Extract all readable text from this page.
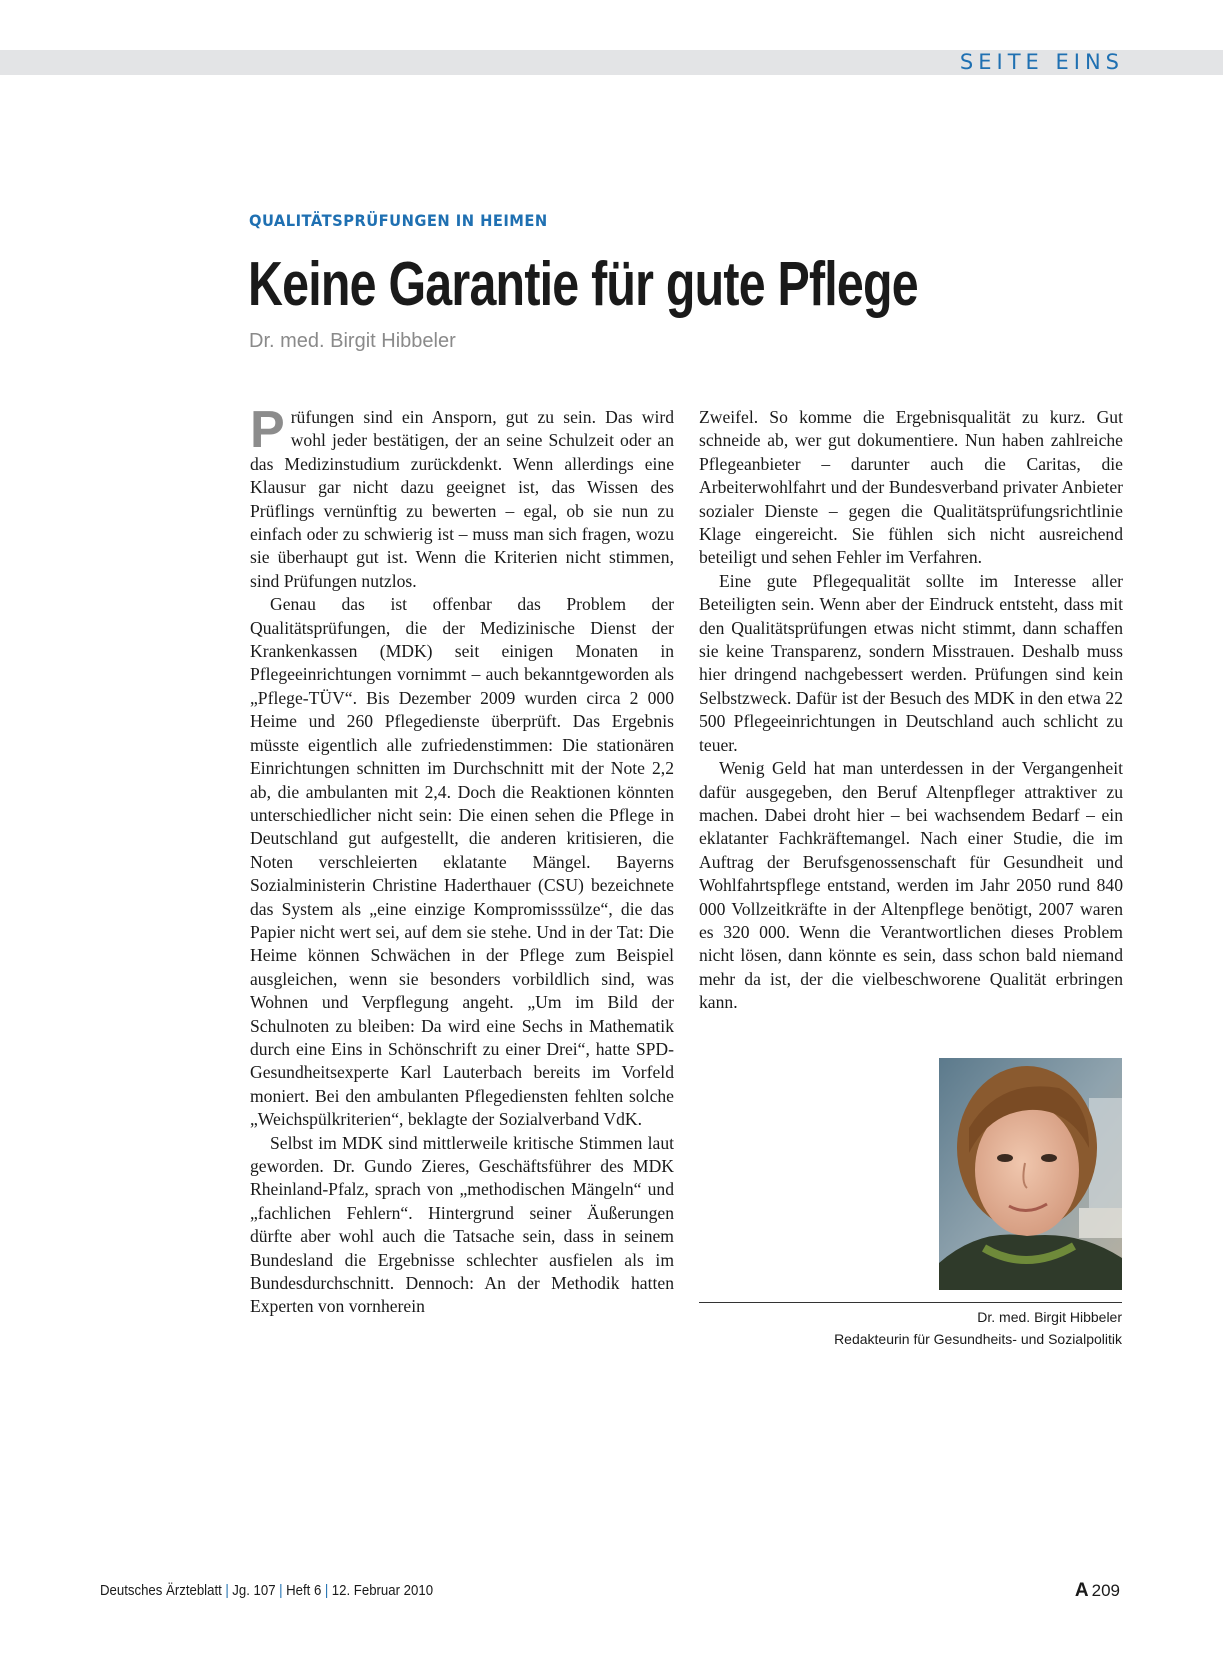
SEITE EINS
QUALITÄTSPRÜFUNGEN IN HEIMEN
Keine Garantie für gute Pflege
Dr. med. Birgit Hibbeler

Prüfungen sind ein Ansporn, gut zu sein. Das wird wohl jeder bestätigen, der an seine Schulzeit oder an das Medizinstudium zurückdenkt. Wenn allerdings eine Klausur gar nicht dazu geeignet ist, das Wissen des Prüflings vernünftig zu bewerten – egal, ob sie nun zu einfach oder zu schwierig ist – muss man sich fragen, wozu sie überhaupt gut ist. Wenn die Kriterien nicht stimmen, sind Prüfungen nutzlos.

Genau das ist offenbar das Problem der Qualitätsprüfungen, die der Medizinische Dienst der Krankenkassen (MDK) seit einigen Monaten in Pflegeeinrichtungen vornimmt – auch bekanntgeworden als „Pflege-TÜV“. Bis Dezember 2009 wurden circa 2 000 Heime und 260 Pflegedienste überprüft. Das Ergebnis müsste eigentlich alle zufriedenstimmen: Die stationären Einrichtungen schnitten im Durchschnitt mit der Note 2,2 ab, die ambulanten mit 2,4. Doch die Reaktionen könnten unterschiedlicher nicht sein: Die einen sehen die Pflege in Deutschland gut aufgestellt, die anderen kritisieren, die Noten verschleierten eklatante Mängel. Bayerns Sozialministerin Christine Haderthauer (CSU) bezeichnete das System als „eine einzige Kompromisssülze“, die das Papier nicht wert sei, auf dem sie stehe. Und in der Tat: Die Heime können Schwächen in der Pflege zum Beispiel ausgleichen, wenn sie besonders vorbildlich sind, was Wohnen und Verpflegung angeht. „Um im Bild der Schulnoten zu bleiben: Da wird eine Sechs in Mathematik durch eine Eins in Schönschrift zu einer Drei“, hatte SPD-Gesundheitsexperte Karl Lauterbach bereits im Vorfeld moniert. Bei den ambulanten Pflegediensten fehlten solche „Weichspülkriterien“, beklagte der Sozialverband VdK.

Selbst im MDK sind mittlerweile kritische Stimmen laut geworden. Dr. Gundo Zieres, Geschäftsführer des MDK Rheinland-Pfalz, sprach von „methodischen Mängeln“ und „fachlichen Fehlern“. Hintergrund seiner Äußerungen dürfte aber wohl auch die Tatsache sein, dass in seinem Bundesland die Ergebnisse schlechter ausfielen als im Bundesdurchschnitt. Dennoch: An der Methodik hatten Experten von vornherein

Zweifel. So komme die Ergebnisqualität zu kurz. Gut schneide ab, wer gut dokumentiere. Nun haben zahlreiche Pflegeanbieter – darunter auch die Caritas, die Arbeiterwohlfahrt und der Bundesverband privater Anbieter sozialer Dienste – gegen die Qualitätsprüfungsrichtlinie Klage eingereicht. Sie fühlen sich nicht ausreichend beteiligt und sehen Fehler im Verfahren.

Eine gute Pflegequalität sollte im Interesse aller Beteiligten sein. Wenn aber der Eindruck entsteht, dass mit den Qualitätsprüfungen etwas nicht stimmt, dann schaffen sie keine Transparenz, sondern Misstrauen. Deshalb muss hier dringend nachgebessert werden. Prüfungen sind kein Selbstzweck. Dafür ist der Besuch des MDK in den etwa 22 500 Pflegeeinrichtungen in Deutschland auch schlicht zu teuer.

Wenig Geld hat man unterdessen in der Vergangenheit dafür ausgegeben, den Beruf Altenpfleger attraktiver zu machen. Dabei droht hier – bei wachsendem Bedarf – ein eklatanter Fachkräftemangel. Nach einer Studie, die im Auftrag der Berufsgenossenschaft für Gesundheit und Wohlfahrtspflege entstand, werden im Jahr 2050 rund 840 000 Vollzeitkräfte in der Altenpflege benötigt, 2007 waren es 320 000. Wenn die Verantwortlichen dieses Problem nicht lösen, dann könnte es sein, dass schon bald niemand mehr da ist, der die vielbeschworene Qualität erbringen kann.

Dr. med. Birgit Hibbeler
Redakteurin für Gesundheits- und Sozialpolitik
Deutsches Ärzteblatt | Jg. 107 | Heft 6 | 12. Februar 2010	A 209
